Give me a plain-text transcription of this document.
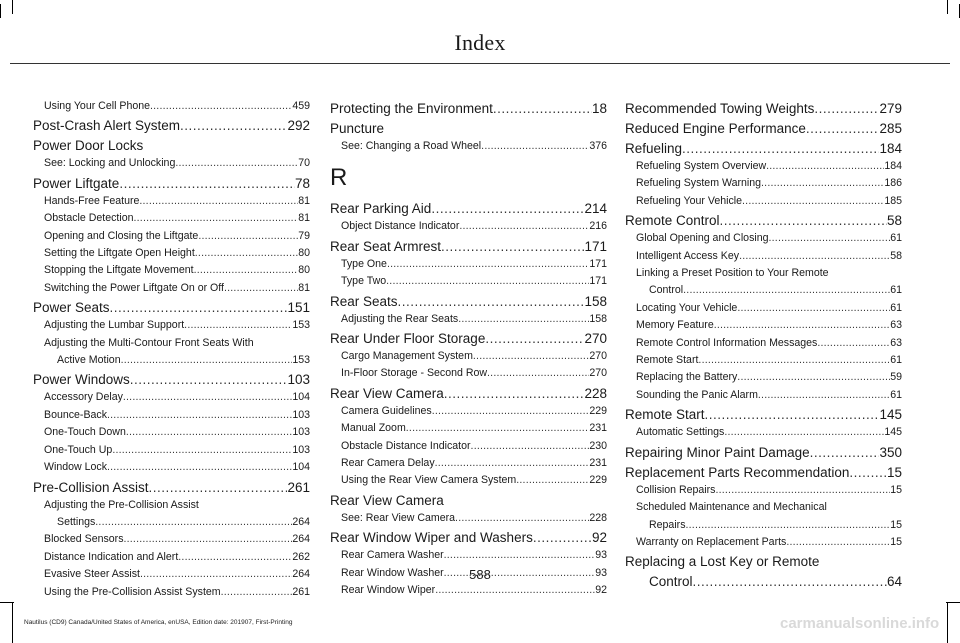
Index
Using Your Cell Phone .....	459
Post-Crash Alert System .....	292
Power Door Locks
See: Locking and Unlocking .....	70
Power Liftgate .....	78
Hands-Free Feature .....	81
Obstacle Detection .....	81
Opening and Closing the Liftgate .....	79
Setting the Liftgate Open Height .....	80
Stopping the Liftgate Movement .....	80
Switching the Power Liftgate On or Off .....	81
Power Seats .....	151
Adjusting the Lumbar Support .....	153
Adjusting the Multi-Contour Front Seats With
Active Motion .....	153
Power Windows .....	103
Accessory Delay .....	104
Bounce-Back .....	103
One-Touch Down .....	103
One-Touch Up .....	103
Window Lock .....	104
Pre-Collision Assist .....	261
Adjusting the Pre-Collision Assist
Settings .....	264
Blocked Sensors .....	264
Distance Indication and Alert .....	262
Evasive Steer Assist .....	264
Using the Pre-Collision Assist System .....	261
Protecting the Environment .....	18
Puncture
See: Changing a Road Wheel .....	376
R
Rear Parking Aid .....	214
Object Distance Indicator .....	216
Rear Seat Armrest .....	171
Type One .....	171
Type Two .....	171
Rear Seats .....	158
Adjusting the Rear Seats .....	158
Rear Under Floor Storage .....	270
Cargo Management System .....	270
In-Floor Storage - Second Row .....	270
Rear View Camera .....	228
Camera Guidelines .....	229
Manual Zoom .....	231
Obstacle Distance Indicator .....	230
Rear Camera Delay .....	231
Using the Rear View Camera System .....	229
Rear View Camera
See: Rear View Camera .....	228
Rear Window Wiper and Washers .....	92
Rear Camera Washer .....	93
Rear Window Washer .....	93
Rear Window Wiper .....	92
Recommended Towing Weights .....	279
Reduced Engine Performance .....	285
Refueling .....	184
Refueling System Overview .....	184
Refueling System Warning .....	186
Refueling Your Vehicle .....	185
Remote Control .....	58
Global Opening and Closing .....	61
Intelligent Access Key .....	58
Linking a Preset Position to Your Remote
Control .....	61
Locating Your Vehicle .....	61
Memory Feature .....	63
Remote Control Information Messages .....	63
Remote Start .....	61
Replacing the Battery .....	59
Sounding the Panic Alarm .....	61
Remote Start .....	145
Automatic Settings .....	145
Repairing Minor Paint Damage .....	350
Replacement Parts Recommendation .....	15
Collision Repairs .....	15
Scheduled Maintenance and Mechanical
Repairs .....	15
Warranty on Replacement Parts .....	15
Replacing a Lost Key or Remote
Control .....	64
588
Nautilus (CD9) Canada/United States of America, enUSA, Edition date: 201907, First-Printing	carmanualsonline.info
